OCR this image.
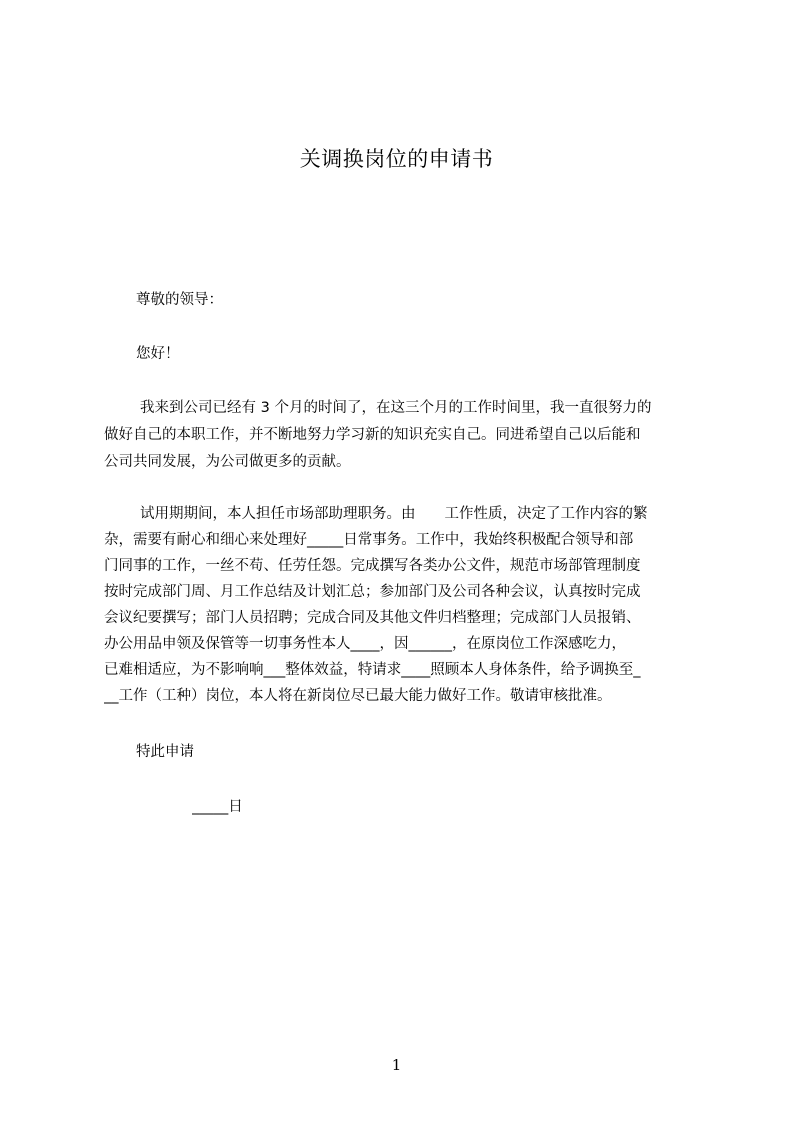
关调换岗位的申请书
尊敬的领导：
您好！
我来到公司已经有 3 个月的时间了，在这三个月的工作时间里，我一直很努力的
做好自己的本职工作，并不断地努力学习新的知识充实自己。同进希望自己以后能和
公司共同发展，为公司做更多的贡献。
试用期期间，本人担任市场部助理职务。由　　工作性质，决定了工作内容的繁
杂，需要有耐心和细心来处理好_____日常事务。工作中，我始终积极配合领导和部
门同事的工作，一丝不苟、任劳任怨。完成撰写各类办公文件，规范市场部管理制度
按时完成部门周、月工作总结及计划汇总；参加部门及公司各种会议，认真按时完成
会议纪要撰写；部门人员招聘；完成合同及其他文件归档整理；完成部门人员报销、
办公用品申领及保管等一切事务性本人____，因______，在原岗位工作深感吃力，
已难相适应，为不影响响___整体效益，特请求____照顾本人身体条件，给予调换至_
__工作（工种）岗位，本人将在新岗位尽已最大能力做好工作。敬请审核批准。
特此申请
_____日
1
